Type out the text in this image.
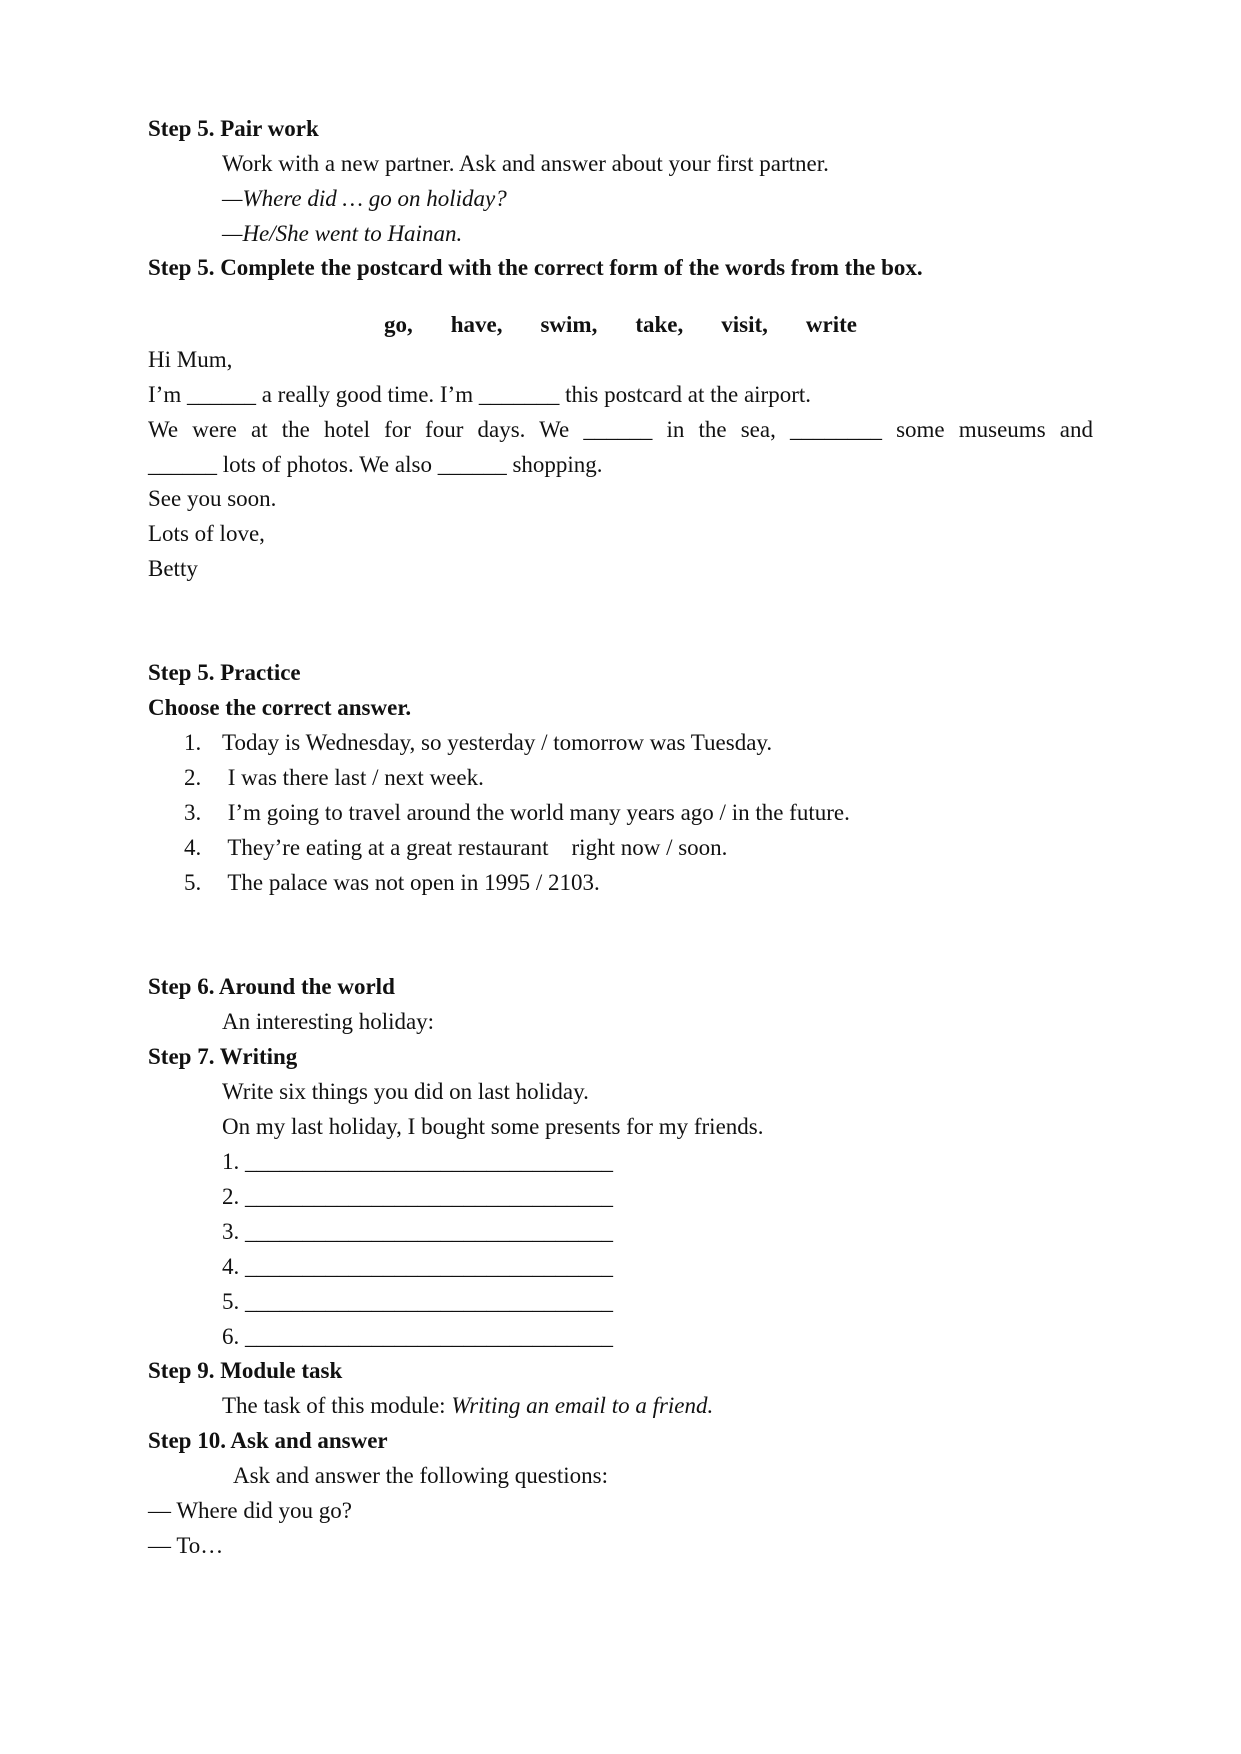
Step 5. Pair work
Work with a new partner. Ask and answer about your first partner.
—Where did … go on holiday?
—He/She went to Hainan.
Step 5. Complete the postcard with the correct form of the words from the box.
go, have, swim, take, visit, write
Hi Mum,
I’m ______ a really good time. I’m _______ this postcard at the airport.
We were at the hotel for four days. We ______ in the sea, ________ some museums and
______ lots of photos. We also ______ shopping.
See you soon.
Lots of love,
Betty
Step 5. Practice
Choose the correct answer.
1. Today is Wednesday, so yesterday / tomorrow was Tuesday.
2. I was there last / next week.
3. I’m going to travel around the world many years ago / in the future.
4. They’re eating at a great restaurant    right now / soon.
5. The palace was not open in 1995 / 2103.
Step 6. Around the world
An interesting holiday:
Step 7. Writing
Write six things you did on last holiday.
On my last holiday, I bought some presents for my friends.
1. ________________________________
2. ________________________________
3. ________________________________
4. ________________________________
5. ________________________________
6. ________________________________
Step 9. Module task
The task of this module: Writing an email to a friend.
Step 10. Ask and answer
Ask and answer the following questions:
— Where did you go?
— To…
